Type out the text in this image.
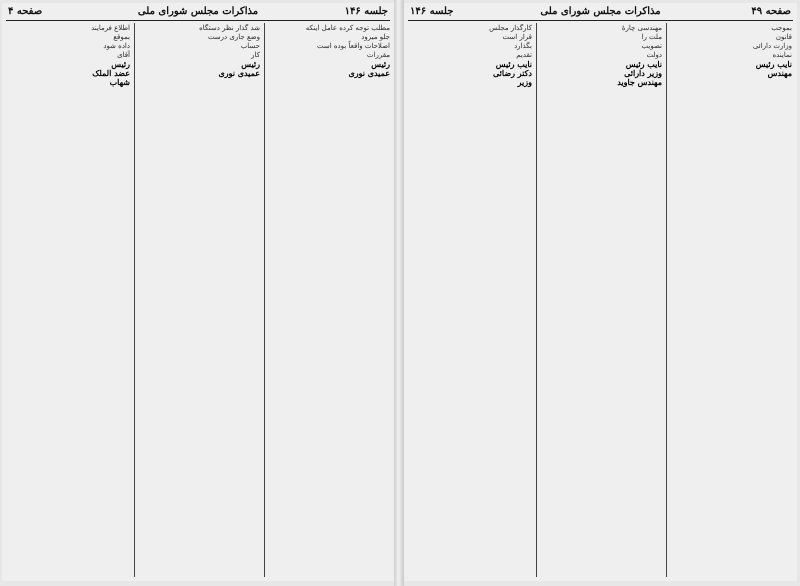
جلسه ۱۴۶
مذاکرات مجلس شورای ملی
صفحه ۴

مطلب توجه کرده عامل اینکه

جلو میرود

اصلاحات واقعاً بوده است

مقررات

رئیس

عمیدی نوری

شد گذار نظر دستگاه

وضع جاری درست

حساب

کار

رئیس

عمیدی نوری

اطلاع فرمایند

بموقع

داده شود

آقای

رئیس

عضد الملک

شهاب

صفحه ۴۹
مذاکرات مجلس شورای ملی
جلسه ۱۴۶

بموجب

قانون

وزارت دارائی

نماینده

نایب رئیس

مهندس

مهندسی چارهٔ

ملت را

تصویب

دولت

نایب رئیس

وزیر دارائی

مهندس جاوید

کارگذار مجلس

قرار است

بگذارد

تقدیم

نایب رئیس

دکتر رضائی

وزیر
